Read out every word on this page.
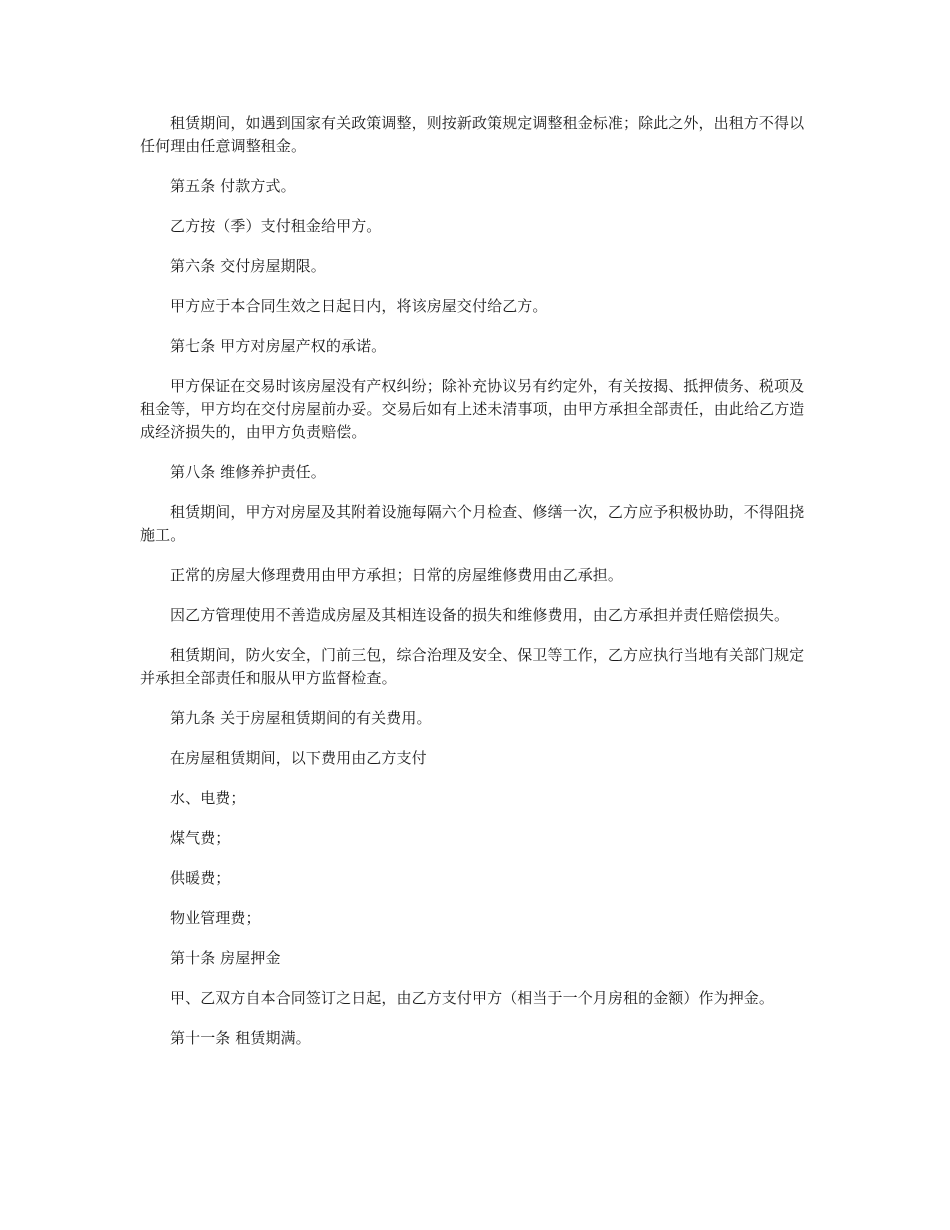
租赁期间，如遇到国家有关政策调整，则按新政策规定调整租金标准；除此之外，出租方不得以任何理由任意调整租金。

第五条 付款方式。

乙方按（季）支付租金给甲方。

第六条 交付房屋期限。

甲方应于本合同生效之日起日内，将该房屋交付给乙方。

第七条 甲方对房屋产权的承诺。

甲方保证在交易时该房屋没有产权纠纷；除补充协议另有约定外，有关按揭、抵押债务、税项及租金等，甲方均在交付房屋前办妥。交易后如有上述未清事项，由甲方承担全部责任，由此给乙方造成经济损失的，由甲方负责赔偿。

第八条 维修养护责任。

租赁期间，甲方对房屋及其附着设施每隔六个月检查、修缮一次，乙方应予积极协助，不得阻挠施工。

正常的房屋大修理费用由甲方承担；日常的房屋维修费用由乙承担。

因乙方管理使用不善造成房屋及其相连设备的损失和维修费用，由乙方承担并责任赔偿损失。

租赁期间，防火安全，门前三包，综合治理及安全、保卫等工作，乙方应执行当地有关部门规定并承担全部责任和服从甲方监督检查。

第九条 关于房屋租赁期间的有关费用。

在房屋租赁期间，以下费用由乙方支付

水、电费；

煤气费；

供暖费；

物业管理费；

第十条 房屋押金

甲、乙双方自本合同签订之日起，由乙方支付甲方（相当于一个月房租的金额）作为押金。

第十一条 租赁期满。
